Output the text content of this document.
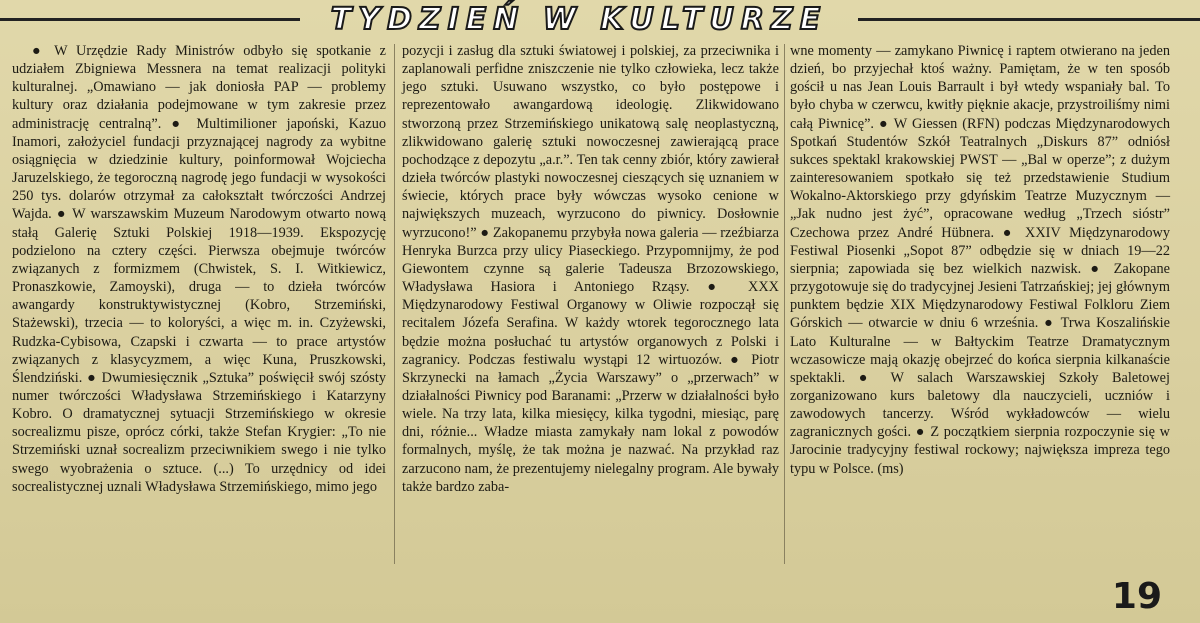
TYDZIEŃ W KULTURZE
● W Urzędzie Rady Ministrów odbyło się spotkanie z udziałem Zbigniewa Messnera na temat realizacji polityki kulturalnej. „Omawiano — jak doniosła PAP — problemy kultury oraz działania podejmowane w tym zakresie przez administrację centralną”. ● Multimilioner japoński, Kazuo Inamori, założyciel fundacji przyznającej nagrody za wybitne osiągnięcia w dziedzinie kultury, poinformował Wojciecha Jaruzelskiego, że tegoroczną nagrodę jego fundacji w wysokości 250 tys. dolarów otrzymał za całokształt twórczości Andrzej Wajda. ● W warszawskim Muzeum Narodowym otwarto nową stałą Galerię Sztuki Polskiej 1918—1939. Ekspozycję podzielono na cztery części. Pierwsza obejmuje twórców związanych z formizmem (Chwistek, S. I. Witkiewicz, Pronaszkowie, Zamoyski), druga — to dzieła twórców awangardy konstruktywistycznej (Kobro, Strzemiński, Stażewski), trzecia — to koloryści, a więc m. in. Czyżewski, Rudzka-Cybisowa, Czapski i czwarta — to prace artystów związanych z klasycyzmem, a więc Kuna, Pruszkowski, Ślendziński. ● Dwumiesięcznik „Sztuka” poświęcił swój szósty numer twórczości Władysława Strzemińskiego i Katarzyny Kobro. O dramatycznej sytuacji Strzemińskiego w okresie socrealizmu pisze, oprócz córki, także Stefan Krygier: „To nie Strzemiński uznał socrealizm przeciwnikiem swego i nie tylko swego wyobrażenia o sztuce. (...) To urzędnicy od idei socrealistycznej uznali Władysława Strzemińskiego, mimo jego
pozycji i zasług dla sztuki światowej i polskiej, za przeciwnika i zaplanowali perfidne zniszczenie nie tylko człowieka, lecz także jego sztuki. Usuwano wszystko, co było postępowe i reprezentowało awangardową ideologię. Zlikwidowano stworzoną przez Strzemińskiego unikatową salę neoplastyczną, zlikwidowano galerię sztuki nowoczesnej zawierającą prace pochodzące z depozytu „a.r.”. Ten tak cenny zbiór, który zawierał dzieła twórców plastyki nowoczesnej cieszących się uznaniem w świecie, których prace były wówczas wysoko cenione w największych muzeach, wyrzucono do piwnicy. Dosłownie wyrzucono!” ● Zakopanemu przybyła nowa galeria — rzeźbiarza Henryka Burzca przy ulicy Piaseckiego. Przypomnijmy, że pod Giewontem czynne są galerie Tadeusza Brzozowskiego, Władysława Hasiora i Antoniego Rząsy. ● XXX Międzynarodowy Festiwal Organowy w Oliwie rozpoczął się recitalem Józefa Serafina. W każdy wtorek tegorocznego lata będzie można posłuchać tu artystów organowych z Polski i zagranicy. Podczas festiwalu wystąpi 12 wirtuozów. ● Piotr Skrzynecki na łamach „Życia Warszawy” o „przerwach” w działalności Piwnicy pod Baranami: „Przerw w działalności było wiele. Na trzy lata, kilka miesięcy, kilka tygodni, miesiąc, parę dni, różnie... Władze miasta zamykały nam lokal z powodów formalnych, myślę, że tak można je nazwać. Na przykład raz zarzucono nam, że prezentujemy nielegalny program. Ale bywały także bardzo zaba-
wne momenty — zamykano Piwnicę i raptem otwierano na jeden dzień, bo przyjechał ktoś ważny. Pamiętam, że w ten sposób gościł u nas Jean Louis Barrault i był wtedy wspaniały bal. To było chyba w czerwcu, kwitły pięknie akacje, przystroiliśmy nimi całą Piwnicę”. ● W Giessen (RFN) podczas Międzynarodowych Spotkań Studentów Szkół Teatralnych „Diskurs 87” odniósł sukces spektakl krakowskiej PWST — „Bal w operze”; z dużym zainteresowaniem spotkało się też przedstawienie Studium Wokalno-Aktorskiego przy gdyńskim Teatrze Muzycznym — „Jak nudno jest żyć”, opracowane według „Trzech sióstr” Czechowa przez André Hübnera. ● XXIV Międzynarodowy Festiwal Piosenki „Sopot 87” odbędzie się w dniach 19—22 sierpnia; zapowiada się bez wielkich nazwisk. ● Zakopane przygotowuje się do tradycyjnej Jesieni Tatrzańskiej; jej głównym punktem będzie XIX Międzynarodowy Festiwal Folkloru Ziem Górskich — otwarcie w dniu 6 września. ● Trwa Koszalińskie Lato Kulturalne — w Bałtyckim Teatrze Dramatycznym wczasowicze mają okazję obejrzeć do końca sierpnia kilkanaście spektakli. ● W salach Warszawskiej Szkoły Baletowej zorganizowano kurs baletowy dla nauczycieli, uczniów i zawodowych tancerzy. Wśród wykładowców — wielu zagranicznych gości. ● Z początkiem sierpnia rozpoczynie się w Jarocinie tradycyjny festiwal rockowy; największa impreza tego typu w Polsce. (ms)
19
